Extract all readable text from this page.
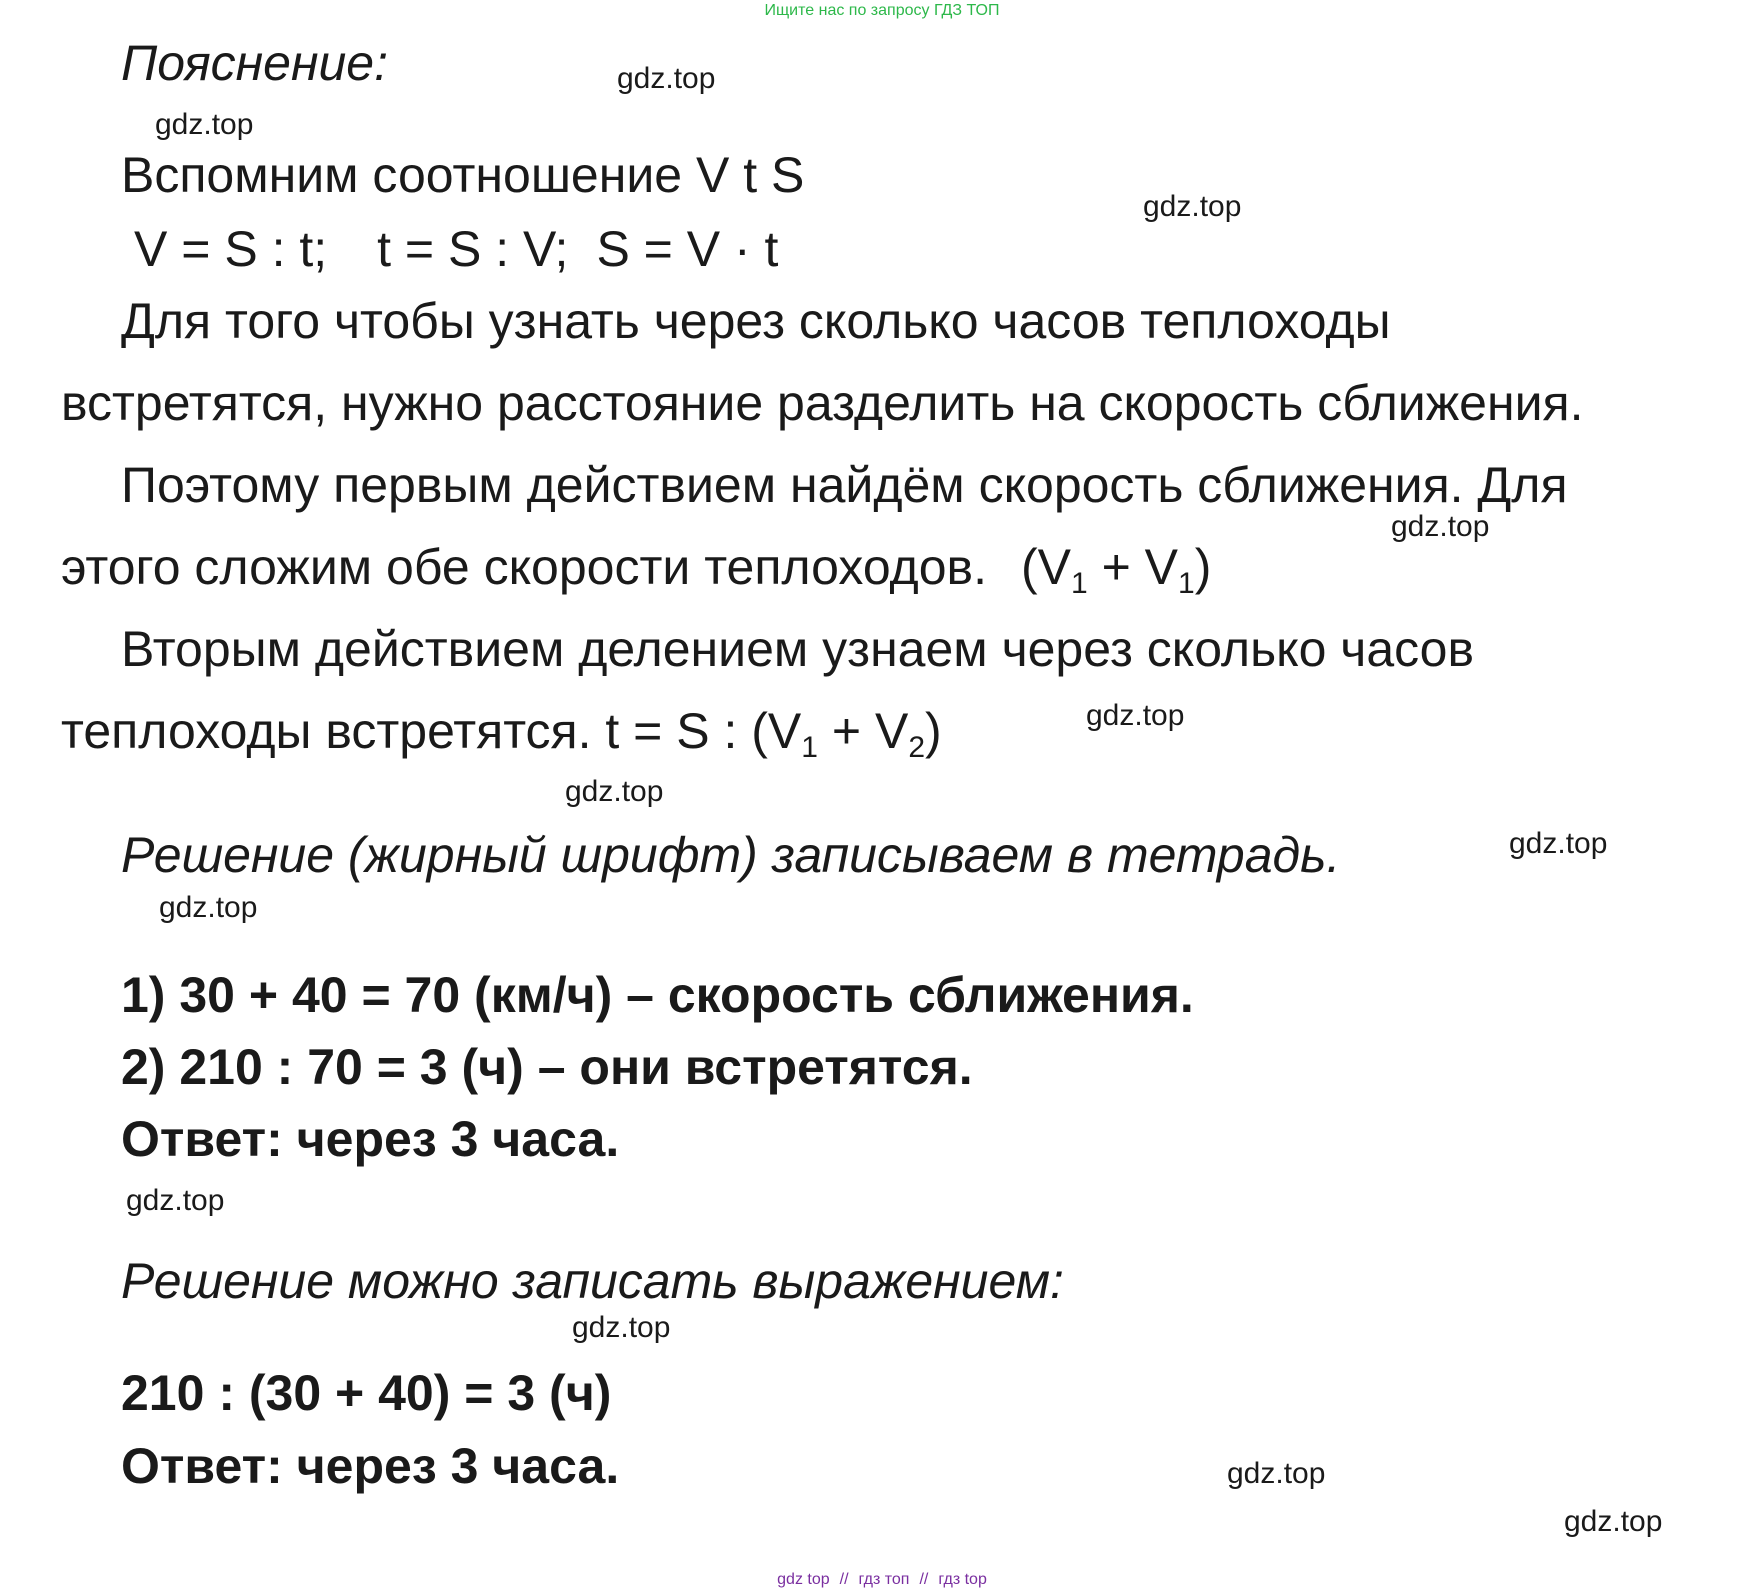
Ищите нас по запросу ГДЗ ТОП
gdz.top
gdz.top
gdz.top
gdz.top
gdz.top
gdz.top
gdz.top
gdz.top
gdz.top
gdz.top
gdz.top
gdz.top
Пояснение:
Вспомним соотношение V t S
V = S : t; t = S : V; S = V · t
Для того чтобы узнать через сколько часов теплоходы
встретятся, нужно расстояние разделить на скорость сближения.
Поэтому первым действием найдём скорость сближения. Для
этого сложим обе скорости теплоходов. $(V_1 + V_1)$
Вторым действием делением узнаем через сколько часов
теплоходы встретятся. t = S : $(V_1 + V_2)$
Решение (жирный шрифт) записываем в тетрадь.
1) 30 + 40 = 70 (км/ч) – скорость сближения.
2) 210 : 70 = 3 (ч) – они встретятся.
Ответ: через 3 часа.
Решение можно записать выражением:
210 : (30 + 40) = 3 (ч)
Ответ: через 3 часа.
gdz top // гдз топ // гдз top
